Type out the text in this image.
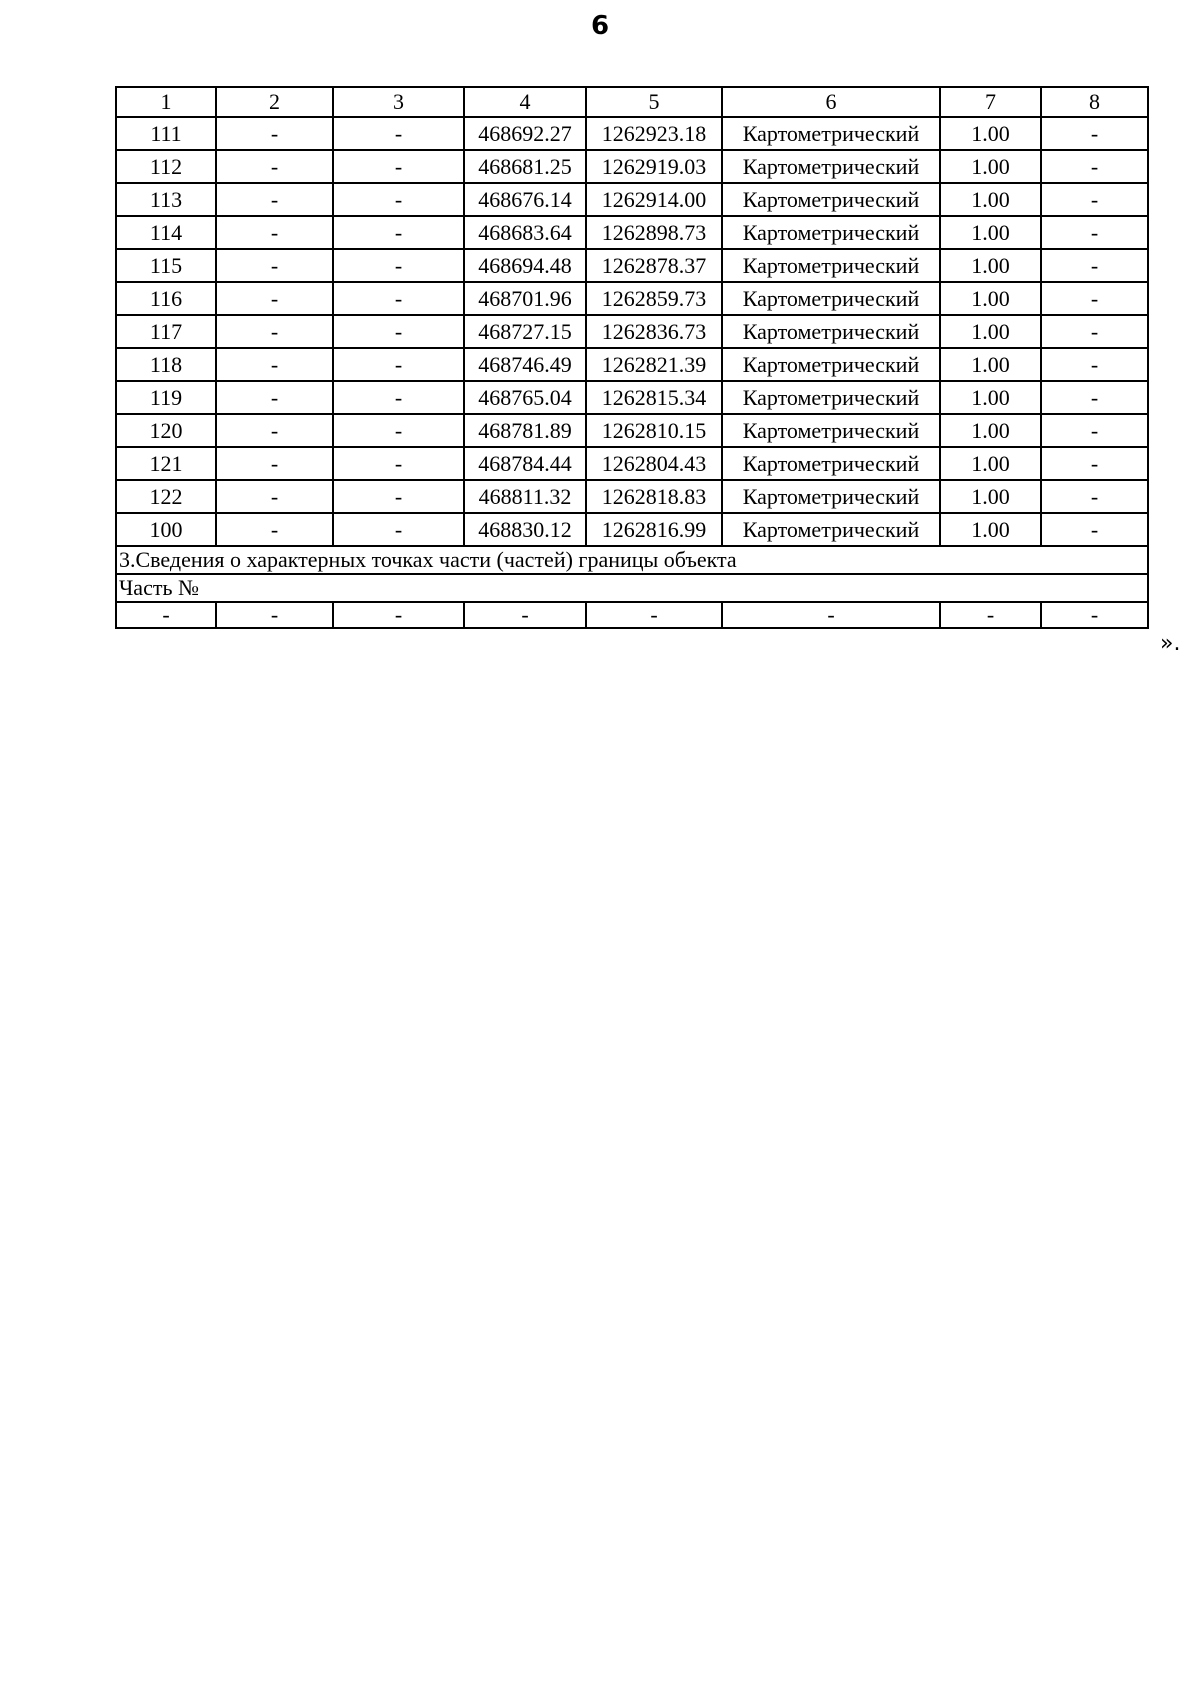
6
1	2	3	4	5	6	7	8
111	-	-	468692.27	1262923.18	Картометрический	1.00	-
112	-	-	468681.25	1262919.03	Картометрический	1.00	-
113	-	-	468676.14	1262914.00	Картометрический	1.00	-
114	-	-	468683.64	1262898.73	Картометрический	1.00	-
115	-	-	468694.48	1262878.37	Картометрический	1.00	-
116	-	-	468701.96	1262859.73	Картометрический	1.00	-
117	-	-	468727.15	1262836.73	Картометрический	1.00	-
118	-	-	468746.49	1262821.39	Картометрический	1.00	-
119	-	-	468765.04	1262815.34	Картометрический	1.00	-
120	-	-	468781.89	1262810.15	Картометрический	1.00	-
121	-	-	468784.44	1262804.43	Картометрический	1.00	-
122	-	-	468811.32	1262818.83	Картометрический	1.00	-
100	-	-	468830.12	1262816.99	Картометрический	1.00	-
3.Сведения о характерных точках части (частей) границы объекта							
Часть №							
-	-	-	-	-	-	-	-
».
